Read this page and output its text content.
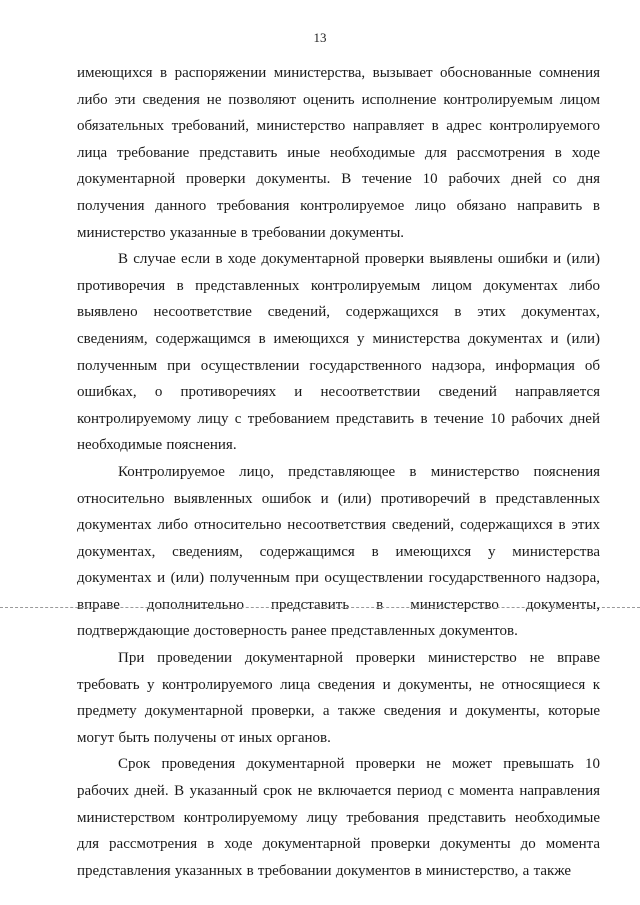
13

имеющихся в распоряжении министерства, вызывает обоснованные сомнения либо эти сведения не позволяют оценить исполнение контролируемым лицом обязательных требований, министерство направляет в адрес контролируемого лица требование представить иные необходимые для рассмотрения в ходе документарной проверки документы. В течение 10 рабочих дней со дня получения данного требования контролируемое лицо обязано направить в министерство указанные в требовании документы.

В случае если в ходе документарной проверки выявлены ошибки и (или) противоречия в представленных контролируемым лицом документах либо выявлено несоответствие сведений, содержащихся в этих документах, сведениям, содержащимся в имеющихся у министерства документах и (или) полученным при осуществлении государственного надзора, информация об ошибках, о противоречиях и несоответствии сведений направляется контролируемому лицу с требованием представить в течение 10 рабочих дней необходимые пояснения.

Контролируемое лицо, представляющее в министерство пояснения относительно выявленных ошибок и (или) противоречий в представленных документах либо относительно несоответствия сведений, содержащихся в этих документах, сведениям, содержащимся в имеющихся у министерства документах и (или) полученным при осуществлении государственного надзора, вправе дополнительно представить в министерство документы, подтверждающие достоверность ранее представленных документов.

При проведении документарной проверки министерство не вправе требовать у контролируемого лица сведения и документы, не относящиеся к предмету документарной проверки, а также сведения и документы, которые могут быть получены от иных органов.

Срок проведения документарной проверки не может превышать 10 рабочих дней. В указанный срок не включается период с момента направления министерством контролируемому лицу требования представить необходимые для рассмотрения в ходе документарной проверки документы до момента представления указанных в требовании документов в министерство, а также
